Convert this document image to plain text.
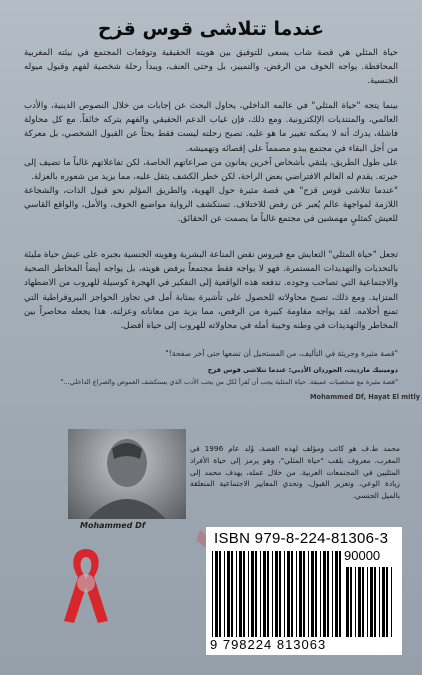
عندما تتلاشى قوس قزح
حياة المثلي هي قصة شاب يسعى للتوفيق بين هويته الحقيقية وتوقعات المجتمع في بيئته المغربية المحافظة. يواجه الخوف من الرفض، والتمييز، بل وحتى العنف، ويبدأ رحلة شخصية لفهم وقبول ميوله الجنسية.
بينما يتجه "حياة المثلي" في عالمه الداخلي، يحاول البحث عن إجابات من خلال النصوص الدينية، والأدب العالمي، والمنتديات الإلكترونية. ومع ذلك، فإن غياب الدعم الحقيقي والفهم يتركه خائفاً. مع كل محاولة فاشلة، يدرك أنه لا يمكنه تغيير ما هو عليه. تصبح رحلته ليست فقط بحثاً عن القبول الشخصي، بل معركة من أجل البقاء في مجتمع يبدو مصمماً على إقصائه وتهميشه.
على طول الطريق، يلتقي بأشخاص آخرين يعانون من صراعاتهم الخاصة، لكن تفاعلاتهم غالباً ما تضيف إلى حيرته. يقدم له العالم الافتراضي بعض الراحة، لكن خطر الكشف يثقل عليه، مما يزيد من شعوره بالعزلة.
"عندما تتلاشى قوس قزح" هي قصة مثيرة حول الهوية، والطريق المؤلم نحو قبول الذات، والشجاعة اللازمة لمواجهة عالم يُعبر عن رفض للاختلاف. تستكشف الرواية مواضيع الخوف، والأمل، والواقع القاسي للعيش كمثليٍ مهمشين في مجتمع غالباً ما يصمت عن الحقائق.
تجعل "حياة المثلي" التعايش مع فيروس نقص المناعة البشرية وهويته الجنسية بجبره على عيش حياة مليئة بالتحديات والتهديدات المستمرة. فهو لا يواجه فقط مجتمعاً يرفض هويته، بل يواجه أيضاً المخاطر الصحية والاجتماعية التي تصاحب وجوده. تدفعه هذه الواقعية إلى التفكير في الهجرة كوسيلة للهروب من الاضطهاد المتزايد. ومع ذلك، تصبح محاولاته للحصول على تأشيرة بمثابة أمل في تجاوز الحواجز البيروقراطية التي تمنع أحلامه. لقد يواجه مقاومة كبيرة من الرفض، مما يزيد من معاناته وعزلته. هذا يجعله محاصراً بين المخاطر والتهديدات في وطنه وخيبة أمله في محاولاته للهروب إلى حياة أفضل.
"قصة مثيرة وجريئة في التأليف، من المستحيل أن تضعها حتى آخر صفحة!"
دومينيك مارديت، الجوردان الأدبي: عندما تتلاشى قوس قزح
"قصة مثيرة مع شخصيات عميقة. حياة المثلية يجب أن تُقرأ لكل من يحب الأدب الذي يستكشف الغموض والصراع الداخلي..."
Mohammed Df, Hayat El mitly
Mohammed Df
محمد ط.ف هو كاتب ومؤلف لهذه القصة، وُلد عام 1996 في المغرب. معروف بلقب "حياة المثلي"، وهو يرمز إلى حياة الأفراد المثليين في المجتمعات العربية. من خلال عمله، يهدف محمد إلى زيادة الوعي، وتعزيز القبول، وتحدي المعايير الاجتماعية المتعلقة بالميل الجنسي.
ISBN 979-8-224-81306-3
90000
9 798224 813063
